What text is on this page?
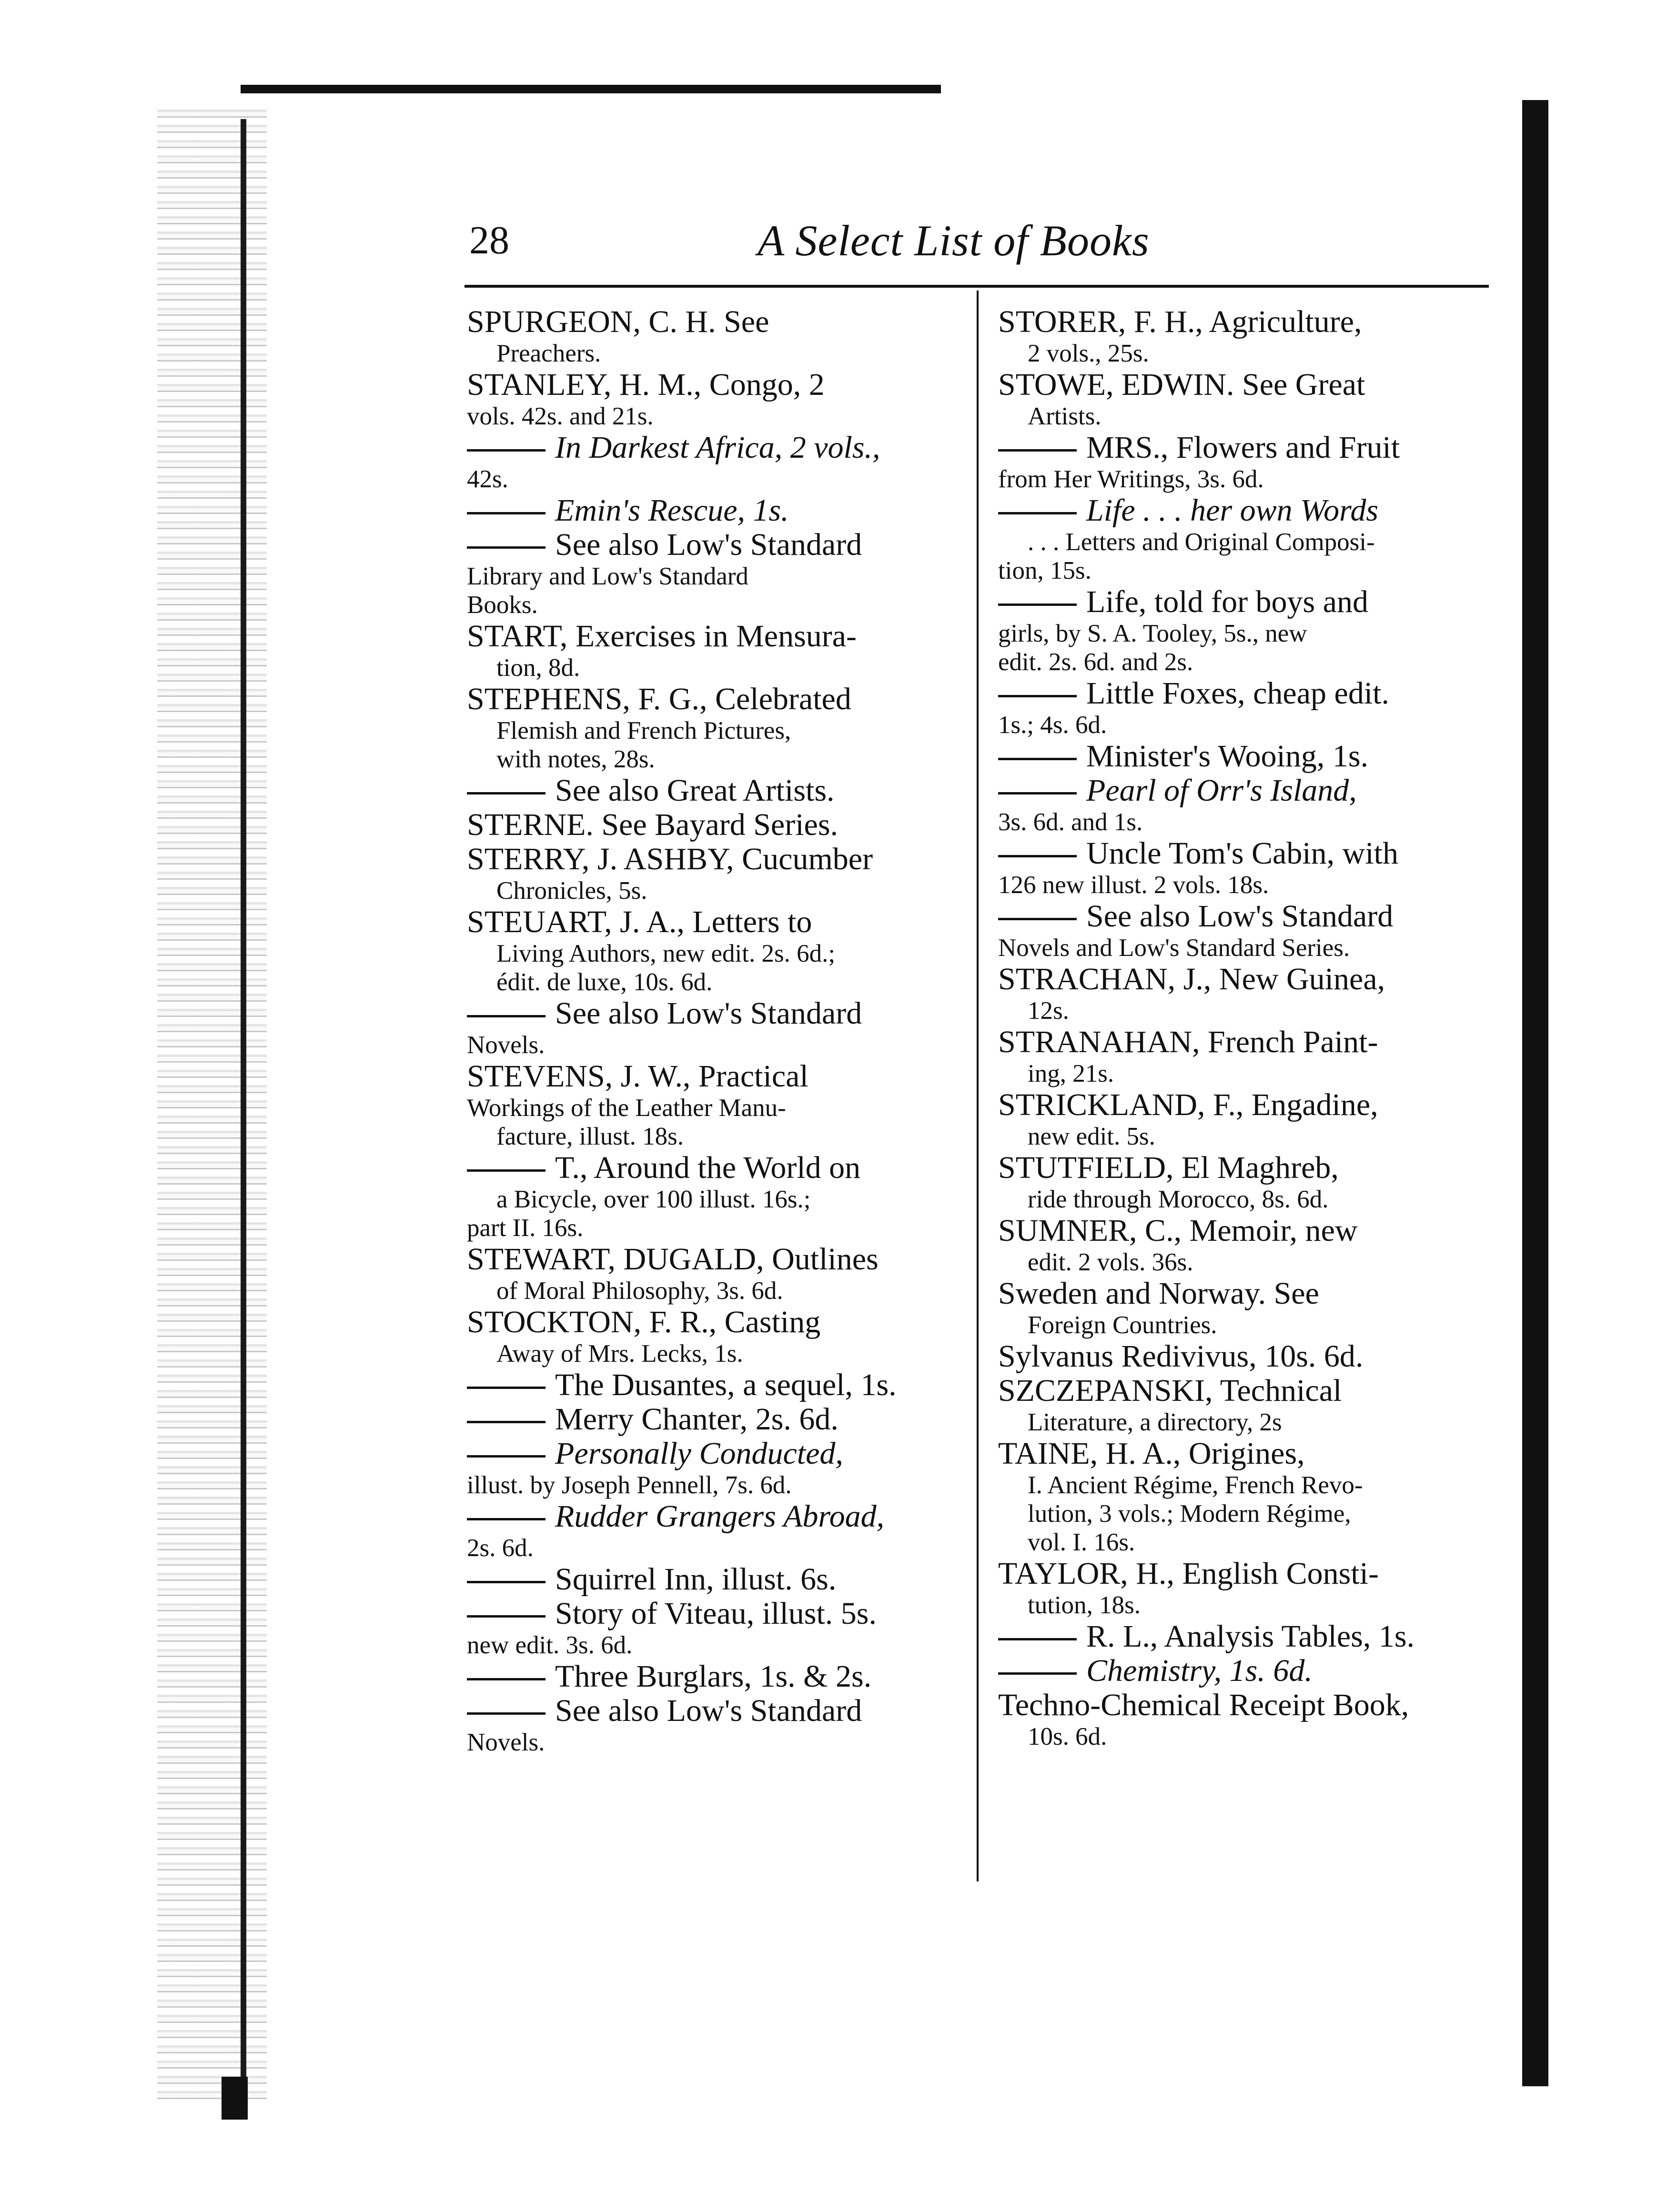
28	A Select List of Books
SPURGEON, C. H. See
Preachers.
STANLEY, H. M., Congo, 2
vols. 42s. and 21s.
In Darkest Africa, 2 vols.,
42s.
Emin's Rescue, 1s.
See also Low's Standard
Library and Low's Standard
Books.
START, Exercises in Mensura-
tion, 8d.
STEPHENS, F. G., Celebrated
Flemish and French Pictures,
with notes, 28s.
See also Great Artists.
STERNE. See Bayard Series.
STERRY, J. ASHBY, Cucumber
Chronicles, 5s.
STEUART, J. A., Letters to
Living Authors, new edit. 2s. 6d.;
édit. de luxe, 10s. 6d.
See also Low's Standard
Novels.
STEVENS, J. W., Practical
Workings of the Leather Manu-
facture, illust. 18s.
T., Around the World on
a Bicycle, over 100 illust. 16s.;
part II. 16s.
STEWART, DUGALD, Outlines
of Moral Philosophy, 3s. 6d.
STOCKTON, F. R., Casting
Away of Mrs. Lecks, 1s.
The Dusantes, a sequel, 1s.
Merry Chanter, 2s. 6d.
Personally Conducted,
illust. by Joseph Pennell, 7s. 6d.
Rudder Grangers Abroad,
2s. 6d.
Squirrel Inn, illust. 6s.
Story of Viteau, illust. 5s.
new edit. 3s. 6d.
Three Burglars, 1s. & 2s.
See also Low's Standard
Novels.
STORER, F. H., Agriculture,
2 vols., 25s.
STOWE, EDWIN. See Great
Artists.
MRS., Flowers and Fruit
from Her Writings, 3s. 6d.
Life . . . her own Words
. . . Letters and Original Composi-
tion, 15s.
Life, told for boys and
girls, by S. A. Tooley, 5s., new
edit. 2s. 6d. and 2s.
Little Foxes, cheap edit.
1s.; 4s. 6d.
Minister's Wooing, 1s.
Pearl of Orr's Island,
3s. 6d. and 1s.
Uncle Tom's Cabin, with
126 new illust. 2 vols. 18s.
See also Low's Standard
Novels and Low's Standard Series.
STRACHAN, J., New Guinea,
12s.
STRANAHAN, French Paint-
ing, 21s.
STRICKLAND, F., Engadine,
new edit. 5s.
STUTFIELD, El Maghreb,
ride through Morocco, 8s. 6d.
SUMNER, C., Memoir, new
edit. 2 vols. 36s.
Sweden and Norway. See
Foreign Countries.
Sylvanus Redivivus, 10s. 6d.
SZCZEPANSKI, Technical
Literature, a directory, 2s
TAINE, H. A., Origines,
I. Ancient Régime, French Revo-
lution, 3 vols.; Modern Régime,
vol. I. 16s.
TAYLOR, H., English Consti-
tution, 18s.
R. L., Analysis Tables, 1s.
Chemistry, 1s. 6d.
Techno-Chemical Receipt Book,
10s. 6d.
